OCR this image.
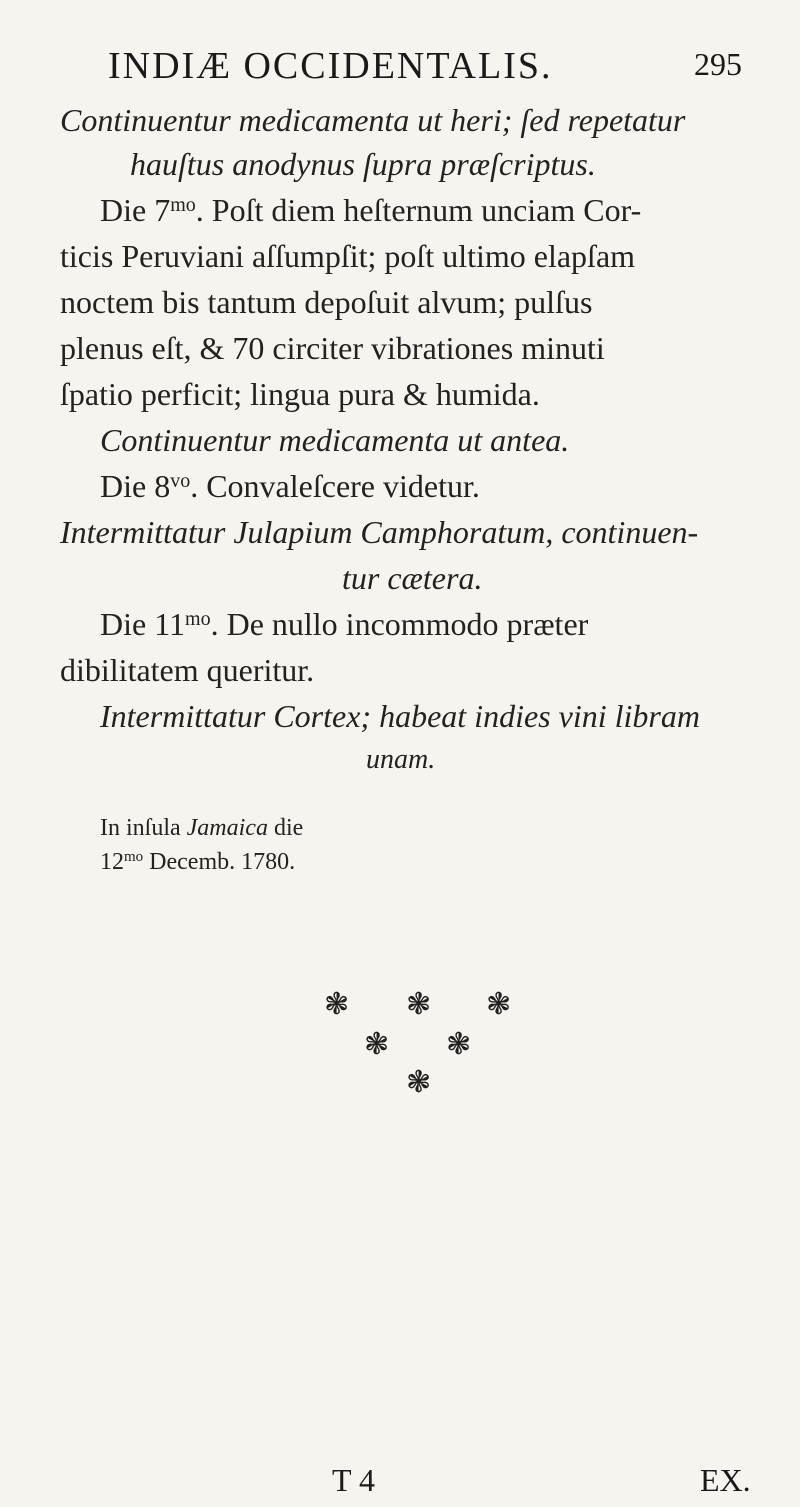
INDIÆ OCCIDENTALIS.	295
Continuentur medicamenta ut heri; ſed repetatur
hauſtus anodynus ſupra præſcriptus.
Die $7^{mo}$. Poſt diem heſternum unciam Cor-
ticis Peruviani aſſumpſit; poſt ultimo elapſam
noctem bis tantum depoſuit alvum; pulſus
plenus eſt, & 70 circiter vibrationes minuti
ſpatio perficit; lingua pura & humida.
Continuentur medicamenta ut antea.
Die $8^{vo}$. Convaleſcere videtur.
Intermittatur Julapium Camphoratum, continuen-
tur cætera.
Die $11^{mo}$. De nullo incommodo præter
dibilitatem queritur.
Intermittatur Cortex; habeat indies vini libram
unam.
In inſula Jamaica die
$12^{mo}$ Decemb. 1780.
❃ ❃ ❃
❃ ❃
❃
T 4	EX.
